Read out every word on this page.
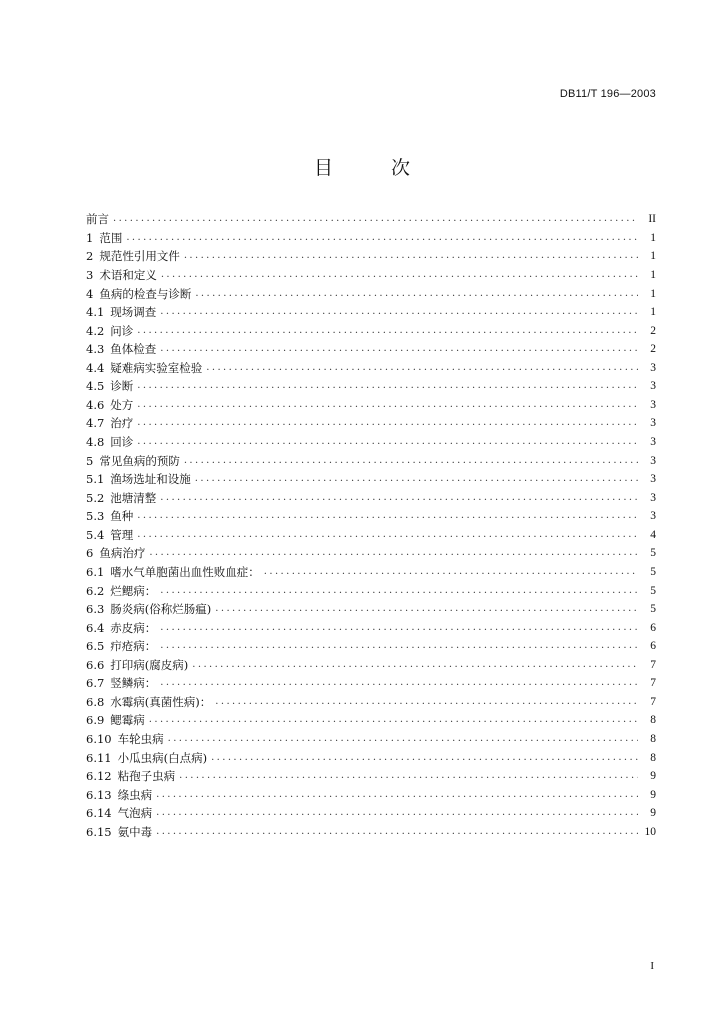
DB11/T 196—2003
目 次
前言 .....	II
1 范围 .....	1
2 规范性引用文件 .....	1
3 术语和定义 .....	1
4 鱼病的检查与诊断 .....	1
4.1 现场调查 .....	1
4.2 问诊 .....	2
4.3 鱼体检查 .....	2
4.4 疑难病实验室检验 .....	3
4.5 诊断 .....	3
4.6 处方 .....	3
4.7 治疗 .....	3
4.8 回诊 .....	3
5 常见鱼病的预防 .....	3
5.1 渔场选址和设施 .....	3
5.2 池塘清整 .....	3
5.3 鱼种 .....	3
5.4 管理 .....	4
6 鱼病治疗 .....	5
6.1 嗜水气单胞菌出血性败血症： .....	5
6.2 烂鳃病： .....	5
6.3 肠炎病(俗称烂肠瘟) .....	5
6.4 赤皮病： .....	6
6.5 疖疮病： .....	6
6.6 打印病(腐皮病) .....	7
6.7 竖鳞病： .....	7
6.8 水霉病(真菌性病)： .....	7
6.9 鳃霉病 .....	8
6.10 车轮虫病 .....	8
6.11 小瓜虫病(白点病) .....	8
6.12 粘孢子虫病 .....	9
6.13 绦虫病 .....	9
6.14 气泡病 .....	9
6.15 氨中毒 .....	10
I
